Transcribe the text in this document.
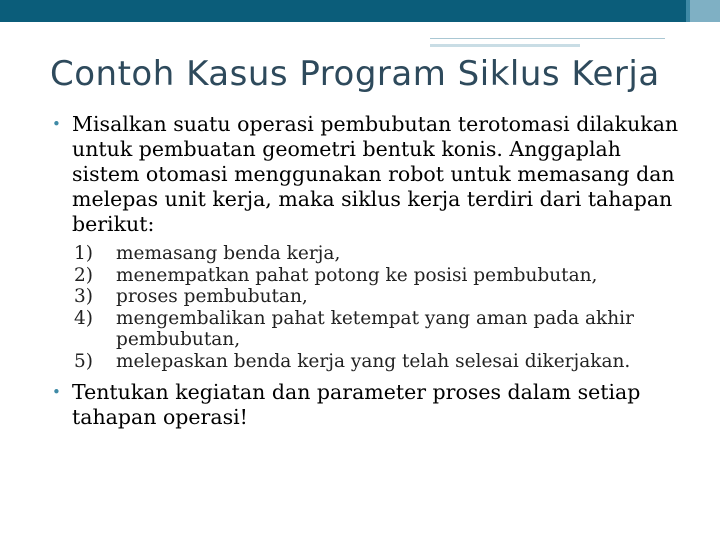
Contoh Kasus Program Siklus Kerja
• Misalkan suatu operasi pembubutan terotomasi dilakukan untuk pembuatan geometri bentuk konis. Anggaplah sistem otomasi menggunakan robot untuk memasang dan melepas unit kerja, maka siklus kerja terdiri dari tahapan berikut:
1) memasang benda kerja,
2) menempatkan pahat potong ke posisi pembubutan,
3) proses pembubutan,
4) mengembalikan pahat ketempat yang aman pada akhir pembubutan,
5) melepaskan benda kerja yang telah selesai dikerjakan.
• Tentukan kegiatan dan parameter proses dalam setiap tahapan operasi!
